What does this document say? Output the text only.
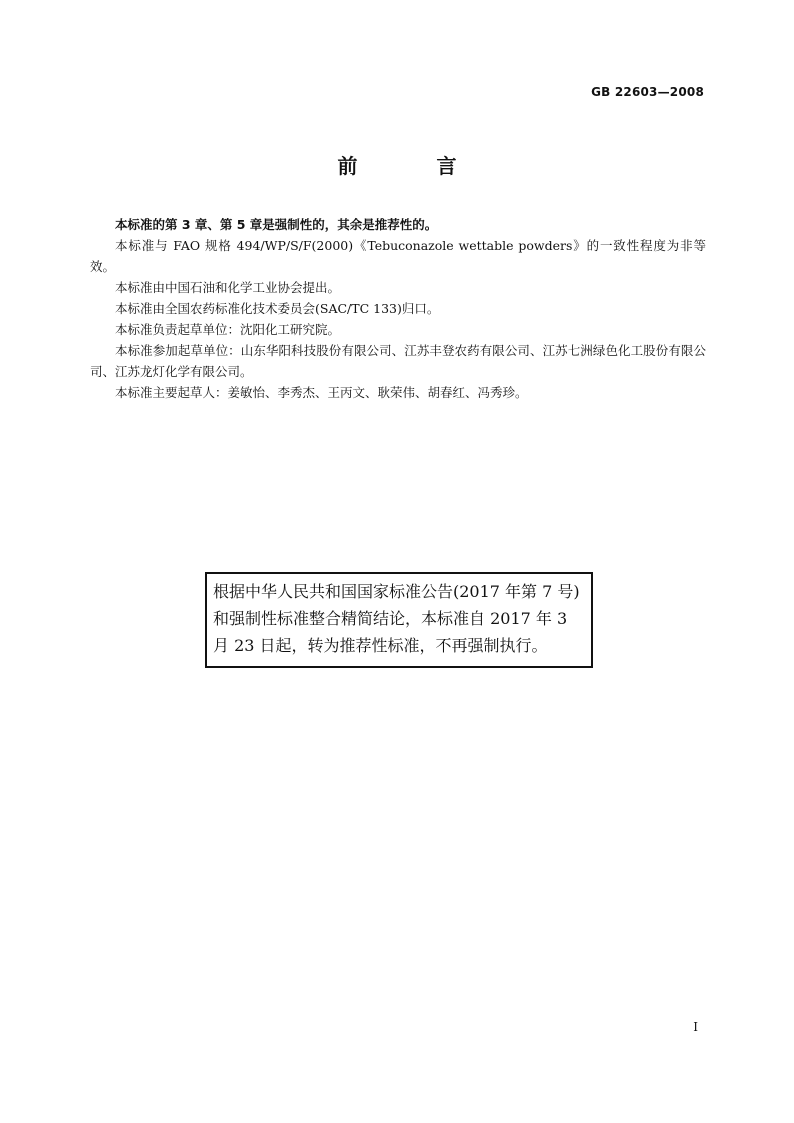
GB 22603—2008
前 言

本标准的第 3 章、第 5 章是强制性的，其余是推荐性的。

本标准与 FAO 规格 494/WP/S/F(2000)《Tebuconazole wettable powders》的一致性程度为非等效。

本标准由中国石油和化学工业协会提出。

本标准由全国农药标准化技术委员会(SAC/TC 133)归口。

本标准负责起草单位：沈阳化工研究院。

本标准参加起草单位：山东华阳科技股份有限公司、江苏丰登农药有限公司、江苏七洲绿色化工股份有限公司、江苏龙灯化学有限公司。

本标准主要起草人：姜敏怡、李秀杰、王丙文、耿荣伟、胡春红、冯秀珍。

根据中华人民共和国国家标准公告(2017 年第 7 号)和强制性标准整合精简结论，本标准自 2017 年 3 月 23 日起，转为推荐性标准，不再强制执行。
I
